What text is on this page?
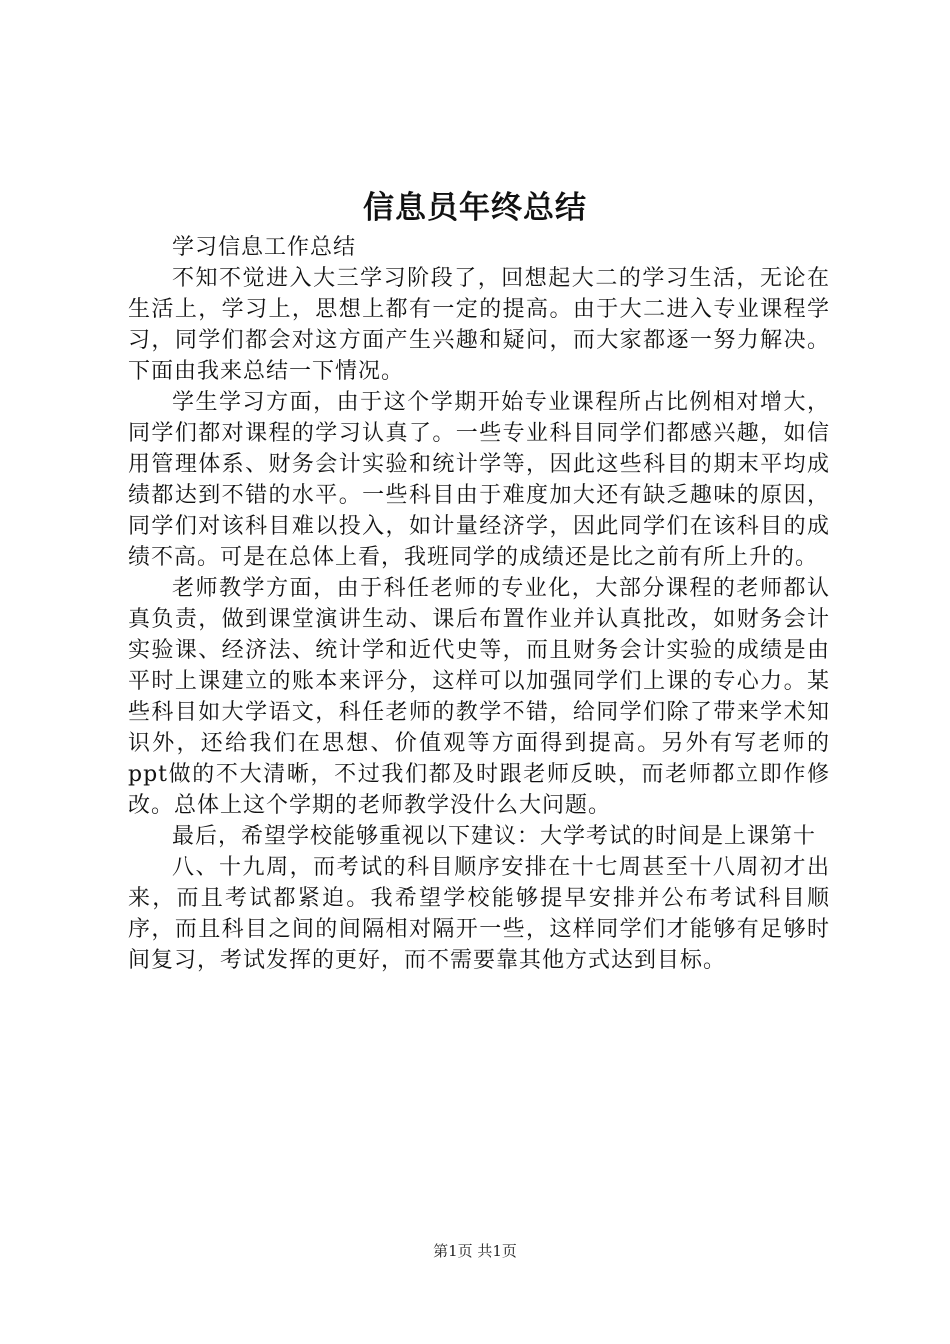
信息员年终总结

学习信息工作总结

不知不觉进入大三学习阶段了，回想起大二的学习生活，无论在生活上，学习上，思想上都有一定的提高。由于大二进入专业课程学习，同学们都会对这方面产生兴趣和疑问，而大家都逐一努力解决。下面由我来总结一下情况。

学生学习方面，由于这个学期开始专业课程所占比例相对增大，同学们都对课程的学习认真了。一些专业科目同学们都感兴趣，如信用管理体系、财务会计实验和统计学等，因此这些科目的期末平均成绩都达到不错的水平。一些科目由于难度加大还有缺乏趣味的原因，同学们对该科目难以投入，如计量经济学，因此同学们在该科目的成绩不高。可是在总体上看，我班同学的成绩还是比之前有所上升的。

老师教学方面，由于科任老师的专业化，大部分课程的老师都认真负责，做到课堂演讲生动、课后布置作业并认真批改，如财务会计实验课、经济法、统计学和近代史等，而且财务会计实验的成绩是由平时上课建立的账本来评分，这样可以加强同学们上课的专心力。某些科目如大学语文，科任老师的教学不错，给同学们除了带来学术知识外，还给我们在思想、价值观等方面得到提高。另外有写老师的ppt做的不大清晰，不过我们都及时跟老师反映，而老师都立即作修改。总体上这个学期的老师教学没什么大问题。

最后，希望学校能够重视以下建议：大学考试的时间是上课第十

八、十九周，而考试的科目顺序安排在十七周甚至十八周初才出来，而且考试都紧迫。我希望学校能够提早安排并公布考试科目顺序，而且科目之间的间隔相对隔开一些，这样同学们才能够有足够时间复习，考试发挥的更好，而不需要靠其他方式达到目标。

第1页 共1页
